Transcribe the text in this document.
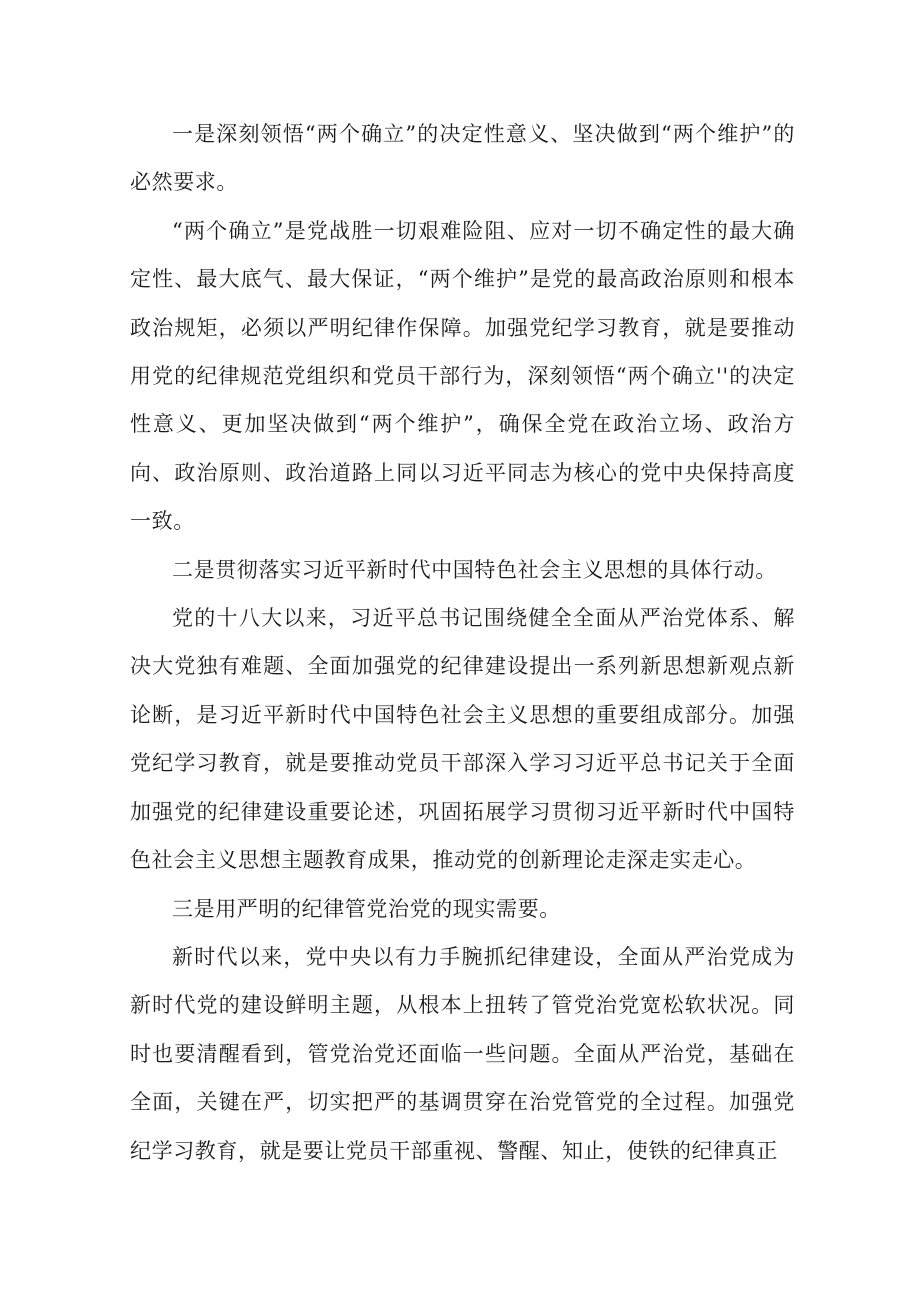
一是深刻领悟“两个确立”的决定性意义、坚决做到“两个维护”的必然要求。

“两个确立”是党战胜一切艰难险阻、应对一切不确定性的最大确定性、最大底气、最大保证，“两个维护”是党的最高政治原则和根本政治规矩，必须以严明纪律作保障。加强党纪学习教育，就是要推动用党的纪律规范党组织和党员干部行为，深刻领悟“两个确立''的决定性意义、更加坚决做到“两个维护”，确保全党在政治立场、政治方向、政治原则、政治道路上同以习近平同志为核心的党中央保持高度一致。

二是贯彻落实习近平新时代中国特色社会主义思想的具体行动。

党的十八大以来，习近平总书记围绕健全全面从严治党体系、解决大党独有难题、全面加强党的纪律建设提出一系列新思想新观点新论断，是习近平新时代中国特色社会主义思想的重要组成部分。加强党纪学习教育，就是要推动党员干部深入学习习近平总书记关于全面加强党的纪律建设重要论述，巩固拓展学习贯彻习近平新时代中国特色社会主义思想主题教育成果，推动党的创新理论走深走实走心。

三是用严明的纪律管党治党的现实需要。

新时代以来，党中央以有力手腕抓纪律建设，全面从严治党成为新时代党的建设鲜明主题，从根本上扭转了管党治党宽松软状况。同时也要清醒看到，管党治党还面临一些问题。全面从严治党，基础在全面，关键在严，切实把严的基调贯穿在治党管党的全过程。加强党纪学习教育，就是要让党员干部重视、警醒、知止，使铁的纪律真正
